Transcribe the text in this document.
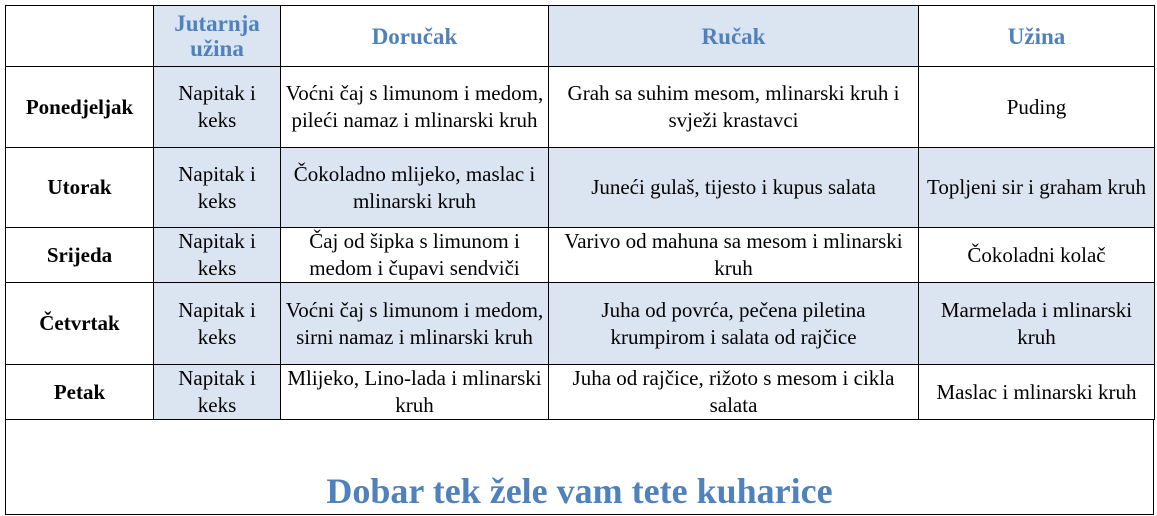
	Jutarnja užina	Doručak	Ručak	Užina
Ponedjeljak	Napitak i keks	Voćni čaj s limunom i medom, pileći namaz i mlinarski kruh	Grah sa suhim mesom, mlinarski kruh i svježi krastavci	Puding
Utorak	Napitak i keks	Čokoladno mlijeko, maslac i mlinarski kruh	Juneći gulaš, tijesto i kupus salata	Topljeni sir i graham kruh
Srijeda	Napitak i keks	Čaj od šipka s limunom i medom i čupavi sendviči	Varivo od mahuna sa mesom i mlinarski kruh	Čokoladni kolač
Četvrtak	Napitak i keks	Voćni čaj s limunom i medom, sirni namaz i mlinarski kruh	Juha od povrća, pečena piletina krumpirom i salata od rajčice	Marmelada i mlinarski kruh
Petak	Napitak i keks	Mlijeko, Lino-lada i mlinarski kruh	Juha od rajčice, rižoto s mesom i cikla salata	Maslac i mlinarski kruh
Dobar tek žele vam tete kuharice
